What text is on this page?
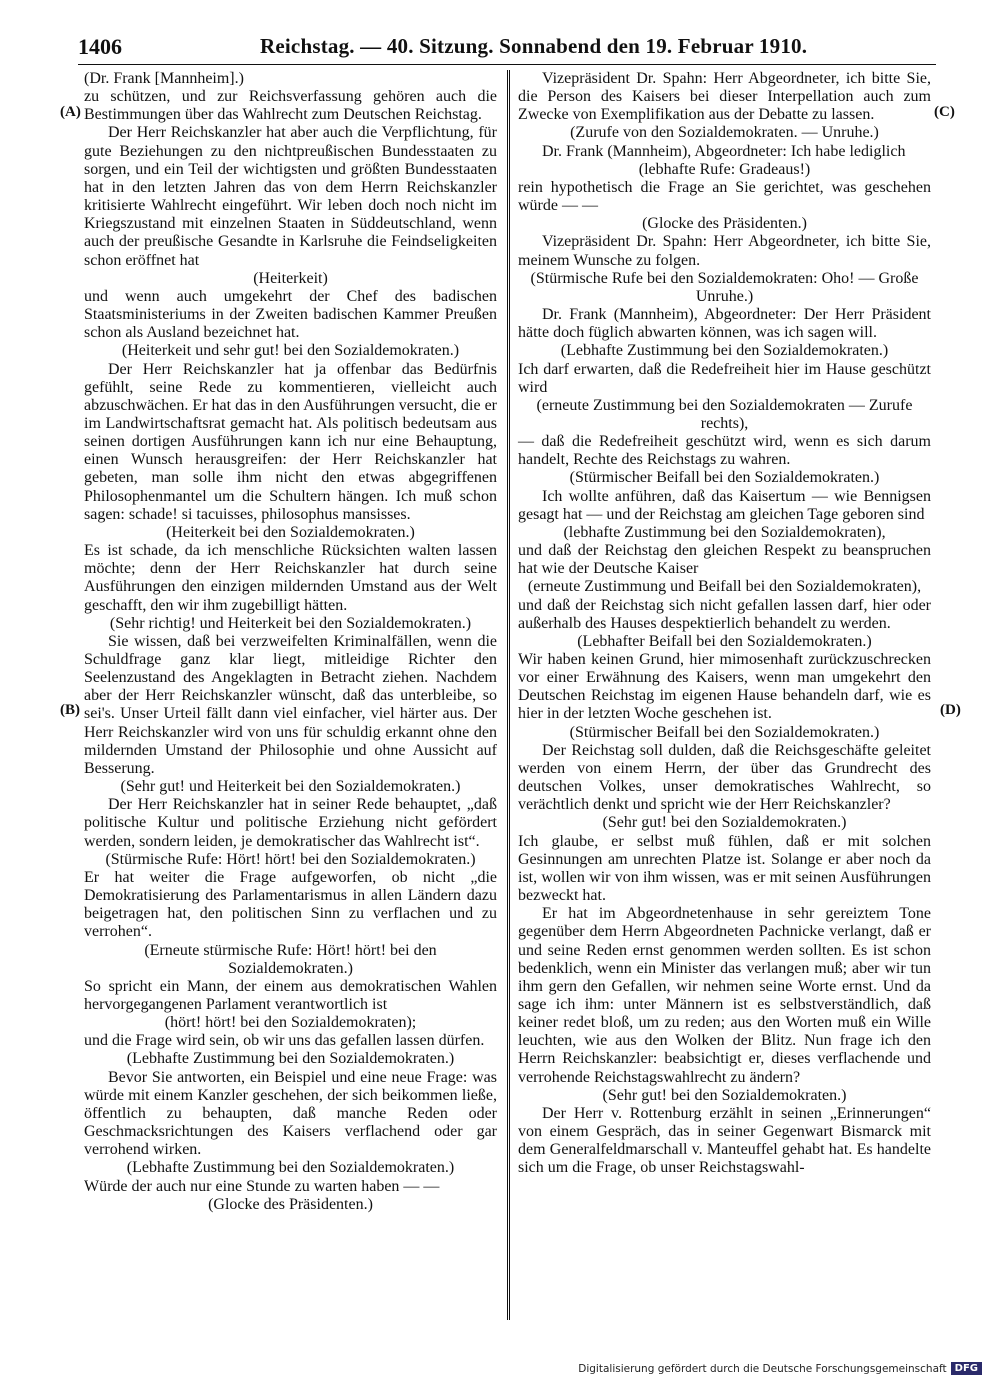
1406	Reichstag. — 40. Sitzung. Sonnabend den 19. Februar 1910.
(A)
(B)
(C)
(D)

(Dr. Frank [Mannheim].)

zu schützen, und zur Reichsverfassung gehören auch die Bestimmungen über das Wahlrecht zum Deutschen Reichstag.

Der Herr Reichskanzler hat aber auch die Verpflichtung, für gute Beziehungen zu den nichtpreußischen Bundesstaaten zu sorgen, und ein Teil der wichtigsten und größten Bundesstaaten hat in den letzten Jahren das von dem Herrn Reichskanzler kritisierte Wahlrecht eingeführt. Wir leben doch noch nicht im Kriegszustand mit einzelnen Staaten in Süddeutschland, wenn auch der preußische Gesandte in Karlsruhe die Feindseligkeiten schon eröffnet hat

(Heiterkeit)

und wenn auch umgekehrt der Chef des badischen Staatsministeriums in der Zweiten badischen Kammer Preußen schon als Ausland bezeichnet hat.

(Heiterkeit und sehr gut! bei den Sozialdemokraten.)

Der Herr Reichskanzler hat ja offenbar das Bedürfnis gefühlt, seine Rede zu kommentieren, vielleicht auch abzuschwächen. Er hat das in den Ausführungen versucht, die er im Landwirtschaftsrat gemacht hat. Als politisch bedeutsam aus seinen dortigen Ausführungen kann ich nur eine Behauptung, einen Wunsch herausgreifen: der Herr Reichskanzler hat gebeten, man solle ihm nicht den etwas abgegriffenen Philosophenmantel um die Schultern hängen. Ich muß schon sagen: schade! si tacuisses, philosophus mansisses.

(Heiterkeit bei den Sozialdemokraten.)

Es ist schade, da ich menschliche Rücksichten walten lassen möchte; denn der Herr Reichskanzler hat durch seine Ausführungen den einzigen mildernden Umstand aus der Welt geschafft, den wir ihm zugebilligt hätten.

(Sehr richtig! und Heiterkeit bei den Sozialdemokraten.)

Sie wissen, daß bei verzweifelten Kriminalfällen, wenn die Schuldfrage ganz klar liegt, mitleidige Richter den Seelenzustand des Angeklagten in Betracht ziehen. Nachdem aber der Herr Reichskanzler wünscht, daß das unterbleibe, so sei's. Unser Urteil fällt dann viel einfacher, viel härter aus. Der Herr Reichskanzler wird von uns für schuldig erkannt ohne den mildernden Umstand der Philosophie und ohne Aussicht auf Besserung.

(Sehr gut! und Heiterkeit bei den Sozialdemokraten.)

Der Herr Reichskanzler hat in seiner Rede behauptet, „daß politische Kultur und politische Erziehung nicht gefördert werden, sondern leiden, je demokratischer das Wahlrecht ist“.

(Stürmische Rufe: Hört! hört! bei den Sozialdemokraten.)

Er hat weiter die Frage aufgeworfen, ob nicht „die Demokratisierung des Parlamentarismus in allen Ländern dazu beigetragen hat, den politischen Sinn zu verflachen und zu verrohen“.

(Erneute stürmische Rufe: Hört! hört! bei den Sozialdemokraten.)

So spricht ein Mann, der einem aus demokratischen Wahlen hervorgegangenen Parlament verantwortlich ist

(hört! hört! bei den Sozialdemokraten);

und die Frage wird sein, ob wir uns das gefallen lassen dürfen.

(Lebhafte Zustimmung bei den Sozialdemokraten.)

Bevor Sie antworten, ein Beispiel und eine neue Frage: was würde mit einem Kanzler geschehen, der sich beikommen ließe, öffentlich zu behaupten, daß manche Reden oder Geschmacksrichtungen des Kaisers verflachend oder gar verrohend wirken.

(Lebhafte Zustimmung bei den Sozialdemokraten.)

Würde der auch nur eine Stunde zu warten haben — —

(Glocke des Präsidenten.)

Vizepräsident Dr. Spahn: Herr Abgeordneter, ich bitte Sie, die Person des Kaisers bei dieser Interpellation auch zum Zwecke von Exemplifikation aus der Debatte zu lassen.

(Zurufe von den Sozialdemokraten. — Unruhe.)

Dr. Frank (Mannheim), Abgeordneter: Ich habe lediglich

(lebhafte Rufe: Gradeaus!)

rein hypothetisch die Frage an Sie gerichtet, was geschehen würde — —

(Glocke des Präsidenten.)

Vizepräsident Dr. Spahn: Herr Abgeordneter, ich bitte Sie, meinem Wunsche zu folgen.

(Stürmische Rufe bei den Sozialdemokraten: Oho! — Große Unruhe.)

Dr. Frank (Mannheim), Abgeordneter: Der Herr Präsident hätte doch füglich abwarten können, was ich sagen will.

(Lebhafte Zustimmung bei den Sozialdemokraten.)

Ich darf erwarten, daß die Redefreiheit hier im Hause geschützt wird

(erneute Zustimmung bei den Sozialdemokraten — Zurufe rechts),

— daß die Redefreiheit geschützt wird, wenn es sich darum handelt, Rechte des Reichstags zu wahren.

(Stürmischer Beifall bei den Sozialdemokraten.)

Ich wollte anführen, daß das Kaisertum — wie Bennigsen gesagt hat — und der Reichstag am gleichen Tage geboren sind

(lebhafte Zustimmung bei den Sozialdemokraten),

und daß der Reichstag den gleichen Respekt zu beanspruchen hat wie der Deutsche Kaiser

(erneute Zustimmung und Beifall bei den Sozialdemokraten),

und daß der Reichstag sich nicht gefallen lassen darf, hier oder außerhalb des Hauses despektierlich behandelt zu werden.

(Lebhafter Beifall bei den Sozialdemokraten.)

Wir haben keinen Grund, hier mimosenhaft zurückzuschrecken vor einer Erwähnung des Kaisers, wenn man umgekehrt den Deutschen Reichstag im eigenen Hause behandeln darf, wie es hier in der letzten Woche geschehen ist.

(Stürmischer Beifall bei den Sozialdemokraten.)

Der Reichstag soll dulden, daß die Reichsgeschäfte geleitet werden von einem Herrn, der über das Grundrecht des deutschen Volkes, unser demokratisches Wahlrecht, so verächtlich denkt und spricht wie der Herr Reichskanzler?

(Sehr gut! bei den Sozialdemokraten.)

Ich glaube, er selbst muß fühlen, daß er mit solchen Gesinnungen am unrechten Platze ist. Solange er aber noch da ist, wollen wir von ihm wissen, was er mit seinen Ausführungen bezweckt hat.

Er hat im Abgeordnetenhause in sehr gereiztem Tone gegenüber dem Herrn Abgeordneten Pachnicke verlangt, daß er und seine Reden ernst genommen werden sollten. Es ist schon bedenklich, wenn ein Minister das verlangen muß; aber wir tun ihm gern den Gefallen, wir nehmen seine Worte ernst. Und da sage ich ihm: unter Männern ist es selbstverständlich, daß keiner redet bloß, um zu reden; aus den Worten muß ein Wille leuchten, wie aus den Wolken der Blitz. Nun frage ich den Herrn Reichskanzler: beabsichtigt er, dieses verflachende und verrohende Reichstagswahlrecht zu ändern?

(Sehr gut! bei den Sozialdemokraten.)

Der Herr v. Rottenburg erzählt in seinen „Erinnerungen“ von einem Gespräch, das in seiner Gegenwart Bismarck mit dem Generalfeldmarschall v. Manteuffel gehabt hat. Es handelte sich um die Frage, ob unser Reichstagswahl-

Digitalisierung gefördert durch die Deutsche Forschungsgemeinschaft DFG
